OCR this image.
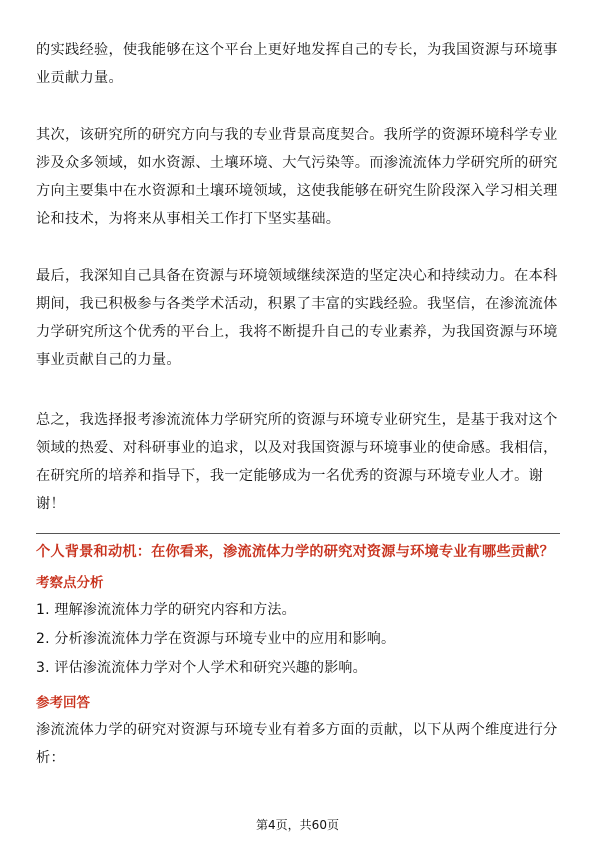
的实践经验，使我能够在这个平台上更好地发挥自己的专长，为我国资源与环境事业贡献力量。

其次，该研究所的研究方向与我的专业背景高度契合。我所学的资源环境科学专业涉及众多领域，如水资源、土壤环境、大气污染等。而渗流流体力学研究所的研究方向主要集中在水资源和土壤环境领域，这使我能够在研究生阶段深入学习相关理论和技术，为将来从事相关工作打下坚实基础。

最后，我深知自己具备在资源与环境领域继续深造的坚定决心和持续动力。在本科期间，我已积极参与各类学术活动，积累了丰富的实践经验。我坚信，在渗流流体力学研究所这个优秀的平台上，我将不断提升自己的专业素养，为我国资源与环境事业贡献自己的力量。

总之，我选择报考渗流流体力学研究所的资源与环境专业研究生，是基于我对这个领域的热爱、对科研事业的追求，以及对我国资源与环境事业的使命感。我相信，在研究所的培养和指导下，我一定能够成为一名优秀的资源与环境专业人才。谢谢！

个人背景和动机：在你看来，渗流流体力学的研究对资源与环境专业有哪些贡献？

考察点分析

1. 理解渗流流体力学的研究内容和方法。
2. 分析渗流流体力学在资源与环境专业中的应用和影响。
3. 评估渗流流体力学对个人学术和研究兴趣的影响。

参考回答

渗流流体力学的研究对资源与环境专业有着多方面的贡献，以下从两个维度进行分析：

第4页，共60页
